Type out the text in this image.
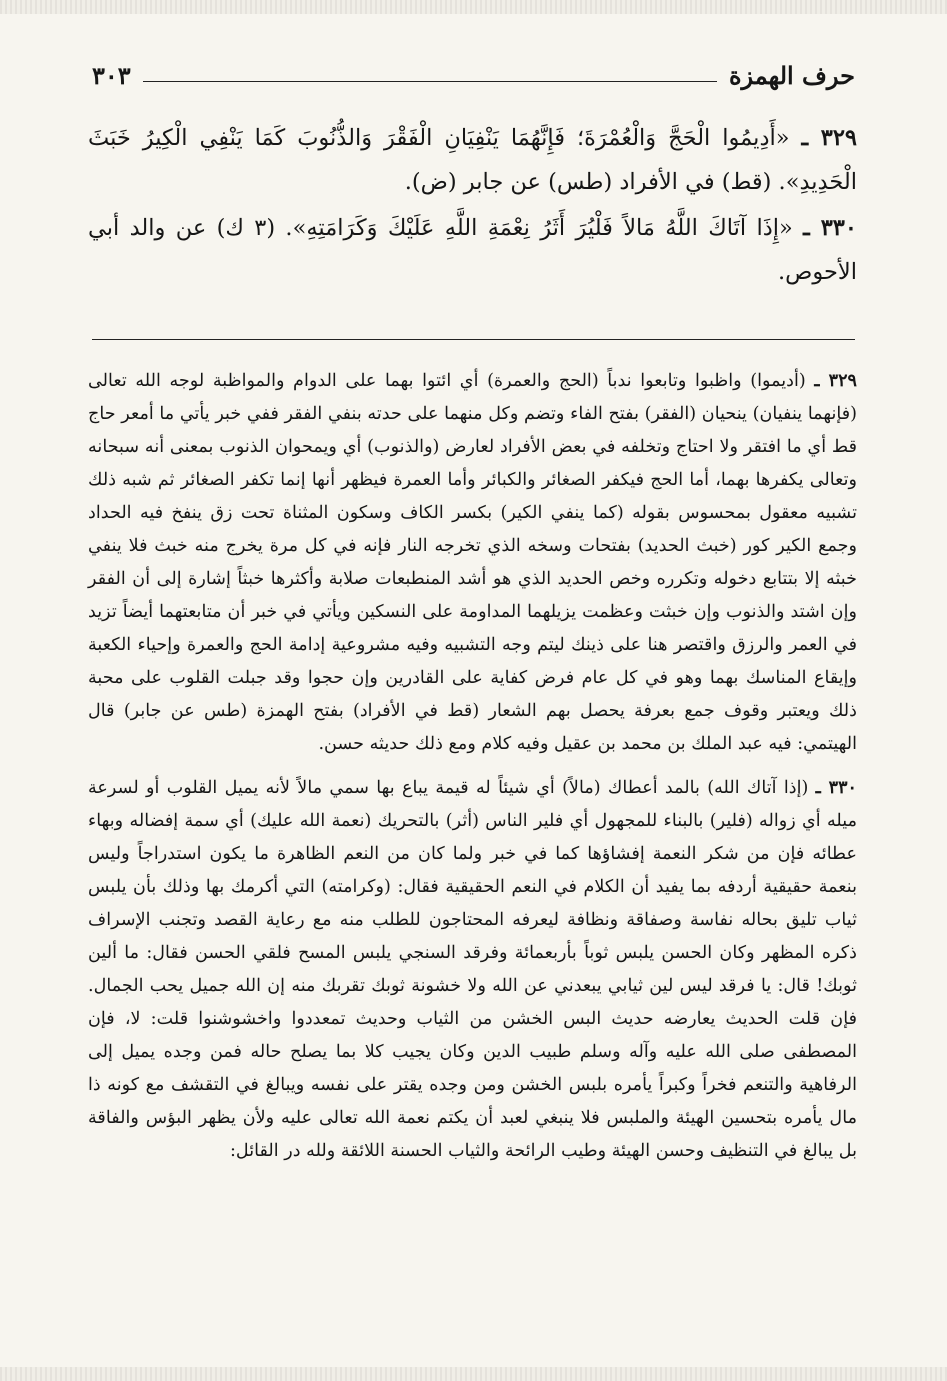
حرف الهمزة
٣٠٣

٣٢٩ ـ «أَدِيمُوا الْحَجَّ وَالْعُمْرَةَ؛ فَإِنَّهُمَا يَنْفِيَانِ الْفَقْرَ وَالذُّنُوبَ كَمَا يَنْفِي الْكِيرُ خَبَثَ الْحَدِيدِ». (قط) في الأفراد (طس) عن جابر (ض).

٣٣٠ ـ «إِذَا آتَاكَ اللَّهُ مَالاً فَلْيُرَ أَثَرُ نِعْمَةِ اللَّهِ عَلَيْكَ وَكَرَامَتِهِ». (٣ ك) عن والد أبي الأحوص.

٣٢٩ ـ (أديموا) واظبوا وتابعوا ندباً (الحج والعمرة) أي ائتوا بهما على الدوام والمواظبة لوجه الله تعالى (فإنهما ينفيان) ينحيان (الفقر) بفتح الفاء وتضم وكل منهما على حدته بنفي الفقر ففي خبر يأتي ما أمعر حاج قط أي ما افتقر ولا احتاج وتخلفه في بعض الأفراد لعارض (والذنوب) أي ويمحوان الذنوب بمعنى أنه سبحانه وتعالى يكفرها بهما، أما الحج فيكفر الصغائر والكبائر وأما العمرة فيظهر أنها إنما تكفر الصغائر ثم شبه ذلك تشبيه معقول بمحسوس بقوله (كما ينفي الكير) بكسر الكاف وسكون المثناة تحت زق ينفخ فيه الحداد وجمع الكير كور (خبث الحديد) بفتحات وسخه الذي تخرجه النار فإنه في كل مرة يخرج منه خبث فلا ينفي خبثه إلا بتتابع دخوله وتكرره وخص الحديد الذي هو أشد المنطبعات صلابة وأكثرها خبثاً إشارة إلى أن الفقر وإن اشتد والذنوب وإن خبثت وعظمت يزيلهما المداومة على النسكين ويأتي في خبر أن متابعتهما أيضاً تزيد في العمر والرزق واقتصر هنا على ذينك ليتم وجه التشبيه وفيه مشروعية إدامة الحج والعمرة وإحياء الكعبة وإيقاع المناسك بهما وهو في كل عام فرض كفاية على القادرين وإن حجوا وقد جبلت القلوب على محبة ذلك ويعتبر وقوف جمع بعرفة يحصل بهم الشعار (قط في الأفراد) بفتح الهمزة (طس عن جابر) قال الهيتمي: فيه عبد الملك بن محمد بن عقيل وفيه كلام ومع ذلك حديثه حسن.

٣٣٠ ـ (إذا آتاك الله) بالمد أعطاك (مالاً) أي شيئاً له قيمة يباع بها سمي مالاً لأنه يميل القلوب أو لسرعة ميله أي زواله (فلير) بالبناء للمجهول أي فلير الناس (أثر) بالتحريك (نعمة الله عليك) أي سمة إفضاله وبهاء عطائه فإن من شكر النعمة إفشاؤها كما في خبر ولما كان من النعم الظاهرة ما يكون استدراجاً وليس بنعمة حقيقية أردفه بما يفيد أن الكلام في النعم الحقيقية فقال: (وكرامته) التي أكرمك بها وذلك بأن يلبس ثياب تليق بحاله نفاسة وصفاقة ونظافة ليعرفه المحتاجون للطلب منه مع رعاية القصد وتجنب الإسراف ذكره المظهر وكان الحسن يلبس ثوباً بأربعمائة وفرقد السنجي يلبس المسح فلقي الحسن فقال: ما ألين ثوبك! قال: يا فرقد ليس لين ثيابي يبعدني عن الله ولا خشونة ثوبك تقربك منه إن الله جميل يحب الجمال. فإن قلت الحديث يعارضه حديث البس الخشن من الثياب وحديث تمعددوا واخشوشنوا قلت: لا، فإن المصطفى صلى الله عليه وآله وسلم طبيب الدين وكان يجيب كلا بما يصلح حاله فمن وجده يميل إلى الرفاهية والتنعم فخراً وكبراً يأمره بلبس الخشن ومن وجده يقتر على نفسه ويبالغ في التقشف مع كونه ذا مال يأمره بتحسين الهيئة والملبس فلا ينبغي لعبد أن يكتم نعمة الله تعالى عليه ولأن يظهر البؤس والفاقة بل يبالغ في التنظيف وحسن الهيئة وطيب الرائحة والثياب الحسنة اللائقة ولله در القائل:
